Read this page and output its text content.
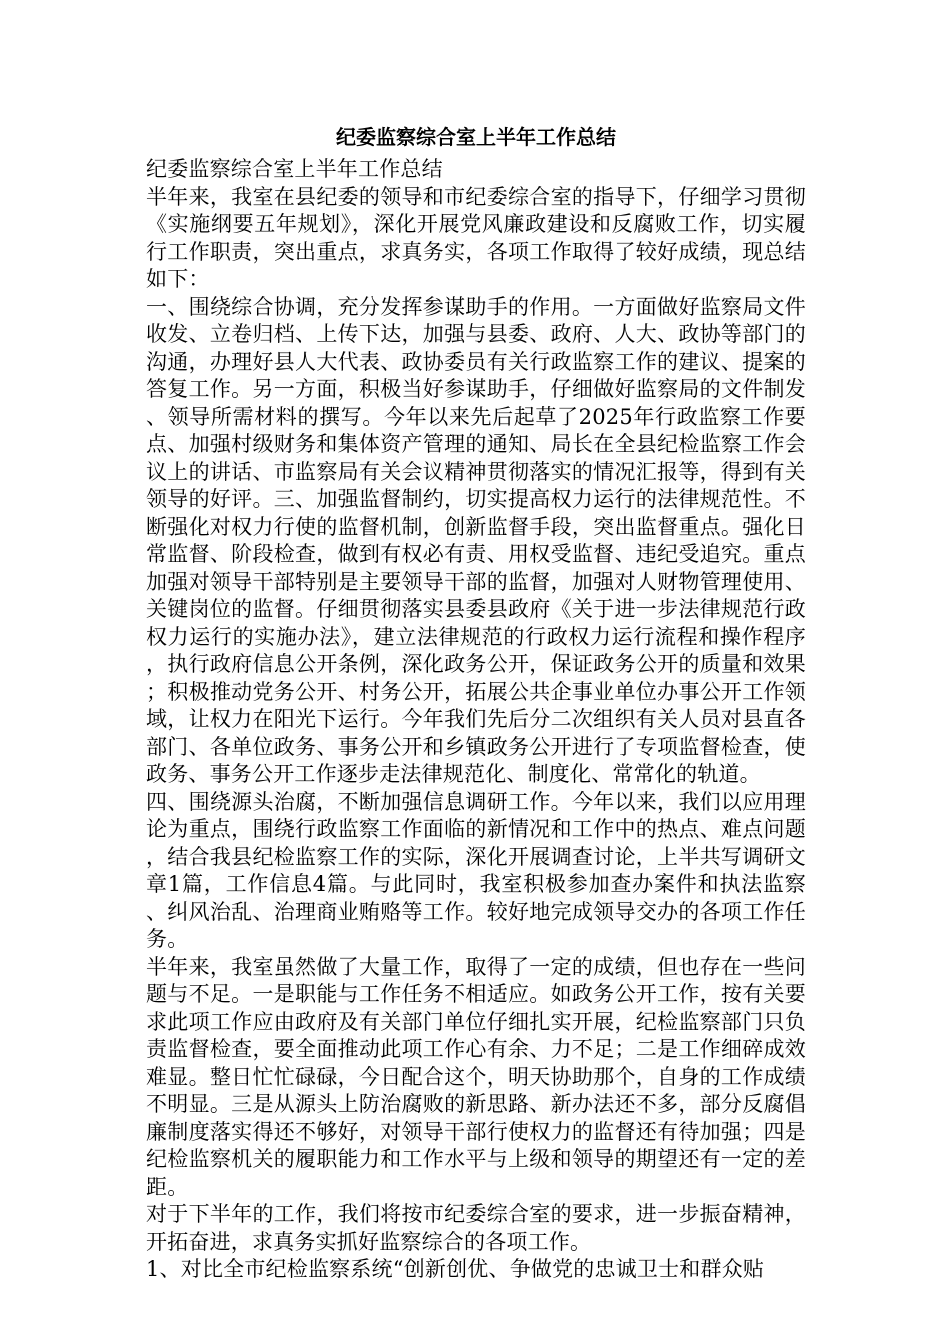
纪委监察综合室上半年工作总结

纪委监察综合室上半年工作总结

半年来，我室在县纪委的领导和市纪委综合室的指导下，仔细学习贯彻《实施纲要五年规划》，深化开展党风廉政建设和反腐败工作，切实履行工作职责，突出重点，求真务实，各项工作取得了较好成绩，现总结如下：

一、围绕综合协调，充分发挥参谋助手的作用。一方面做好监察局文件收发、立卷归档、上传下达，加强与县委、政府、人大、政协等部门的沟通，办理好县人大代表、政协委员有关行政监察工作的建议、提案的答复工作。另一方面，积极当好参谋助手，仔细做好监察局的文件制发、领导所需材料的撰写。今年以来先后起草了2025年行政监察工作要点、加强村级财务和集体资产管理的通知、局长在全县纪检监察工作会议上的讲话、市监察局有关会议精神贯彻落实的情况汇报等，得到有关领导的好评。三、加强监督制约，切实提高权力运行的法律规范性。不断强化对权力行使的监督机制，创新监督手段，突出监督重点。强化日常监督、阶段检查，做到有权必有责、用权受监督、违纪受追究。重点加强对领导干部特别是主要领导干部的监督，加强对人财物管理使用、关键岗位的监督。仔细贯彻落实县委县政府《关于进一步法律规范行政权力运行的实施办法》，建立法律规范的行政权力运行流程和操作程序，执行政府信息公开条例，深化政务公开，保证政务公开的质量和效果；积极推动党务公开、村务公开，拓展公共企事业单位办事公开工作领域，让权力在阳光下运行。今年我们先后分二次组织有关人员对县直各部门、各单位政务、事务公开和乡镇政务公开进行了专项监督检查，使政务、事务公开工作逐步走法律规范化、制度化、常常化的轨道。

四、围绕源头治腐，不断加强信息调研工作。今年以来，我们以应用理论为重点，围绕行政监察工作面临的新情况和工作中的热点、难点问题，结合我县纪检监察工作的实际，深化开展调查讨论，上半共写调研文章1篇，工作信息4篇。与此同时，我室积极参加查办案件和执法监察、纠风治乱、治理商业贿赂等工作。较好地完成领导交办的各项工作任务。

半年来，我室虽然做了大量工作，取得了一定的成绩，但也存在一些问题与不足。一是职能与工作任务不相适应。如政务公开工作，按有关要求此项工作应由政府及有关部门单位仔细扎实开展，纪检监察部门只负责监督检查，要全面推动此项工作心有余、力不足；二是工作细碎成效难显。整日忙忙碌碌，今日配合这个，明天协助那个，自身的工作成绩不明显。三是从源头上防治腐败的新思路、新办法还不多，部分反腐倡廉制度落实得还不够好，对领导干部行使权力的监督还有待加强；四是纪检监察机关的履职能力和工作水平与上级和领导的期望还有一定的差距。

对于下半年的工作，我们将按市纪委综合室的要求，进一步振奋精神，开拓奋进，求真务实抓好监察综合的各项工作。

1、对比全市纪检监察系统“创新创优、争做党的忠诚卫士和群众贴
